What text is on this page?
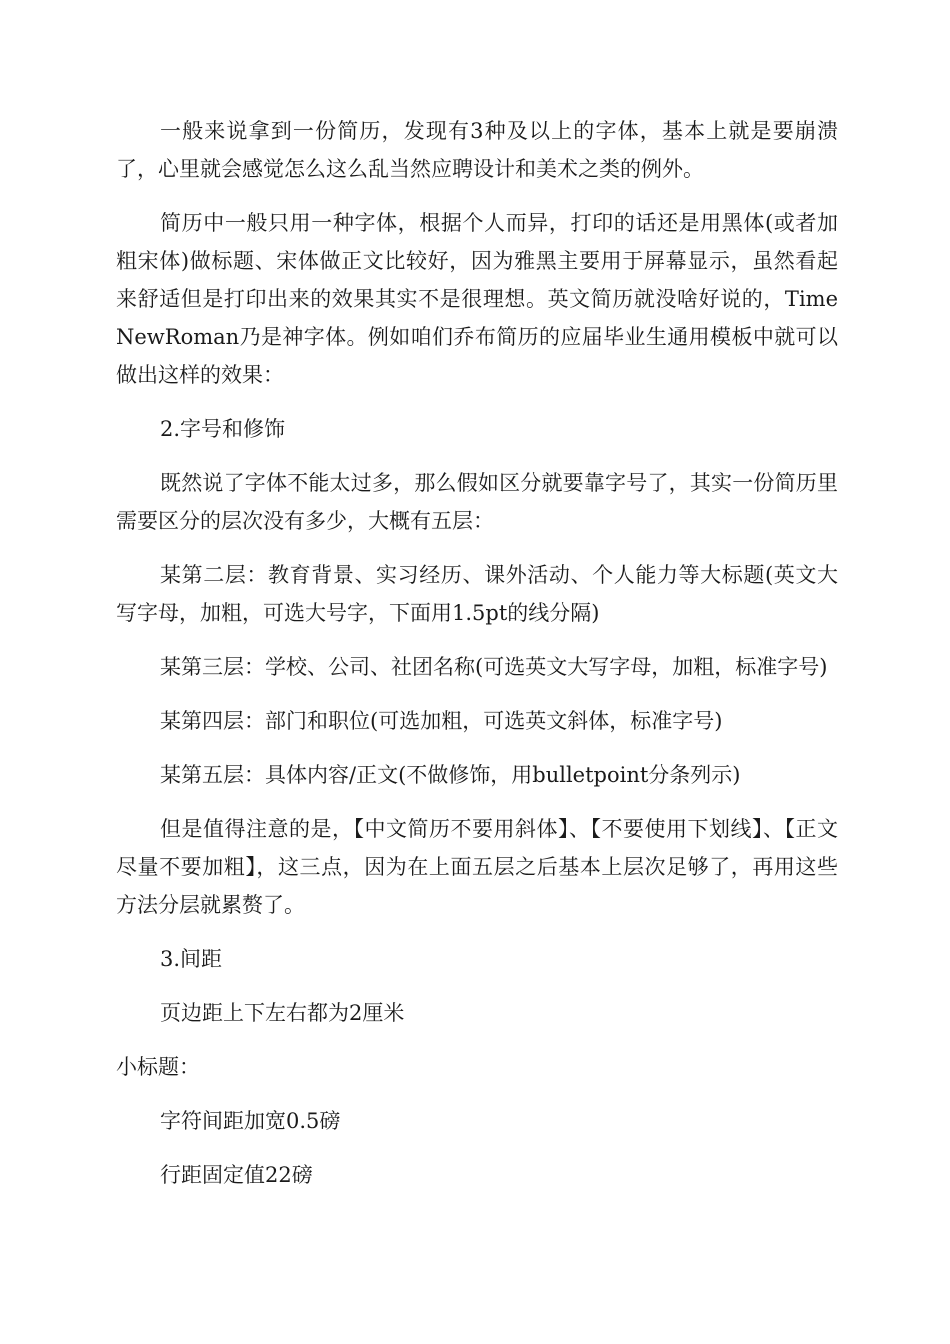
一般来说拿到一份简历，发现有3种及以上的字体，基本上就是要崩溃了，心里就会感觉怎么这么乱当然应聘设计和美术之类的例外。

简历中一般只用一种字体，根据个人而异，打印的话还是用黑体(或者加粗宋体)做标题、宋体做正文比较好，因为雅黑主要用于屏幕显示，虽然看起来舒适但是打印出来的效果其实不是很理想。英文简历就没啥好说的，TimeNewRoman乃是神字体。例如咱们乔布简历的应届毕业生通用模板中就可以做出这样的效果：

2.字号和修饰

既然说了字体不能太过多，那么假如区分就要靠字号了，其实一份简历里需要区分的层次没有多少，大概有五层：

某第二层：教育背景、实习经历、课外活动、个人能力等大标题(英文大写字母，加粗，可选大号字，下面用1.5pt的线分隔)

某第三层：学校、公司、社团名称(可选英文大写字母，加粗，标准字号)

某第四层：部门和职位(可选加粗，可选英文斜体，标准字号)

某第五层：具体内容/正文(不做修饰，用bulletpoint分条列示)

但是值得注意的是，【中文简历不要用斜体】、【不要使用下划线】、【正文尽量不要加粗】，这三点，因为在上面五层之后基本上层次足够了，再用这些方法分层就累赘了。

3.间距

页边距上下左右都为2厘米

小标题：

字符间距加宽0.5磅

行距固定值22磅
